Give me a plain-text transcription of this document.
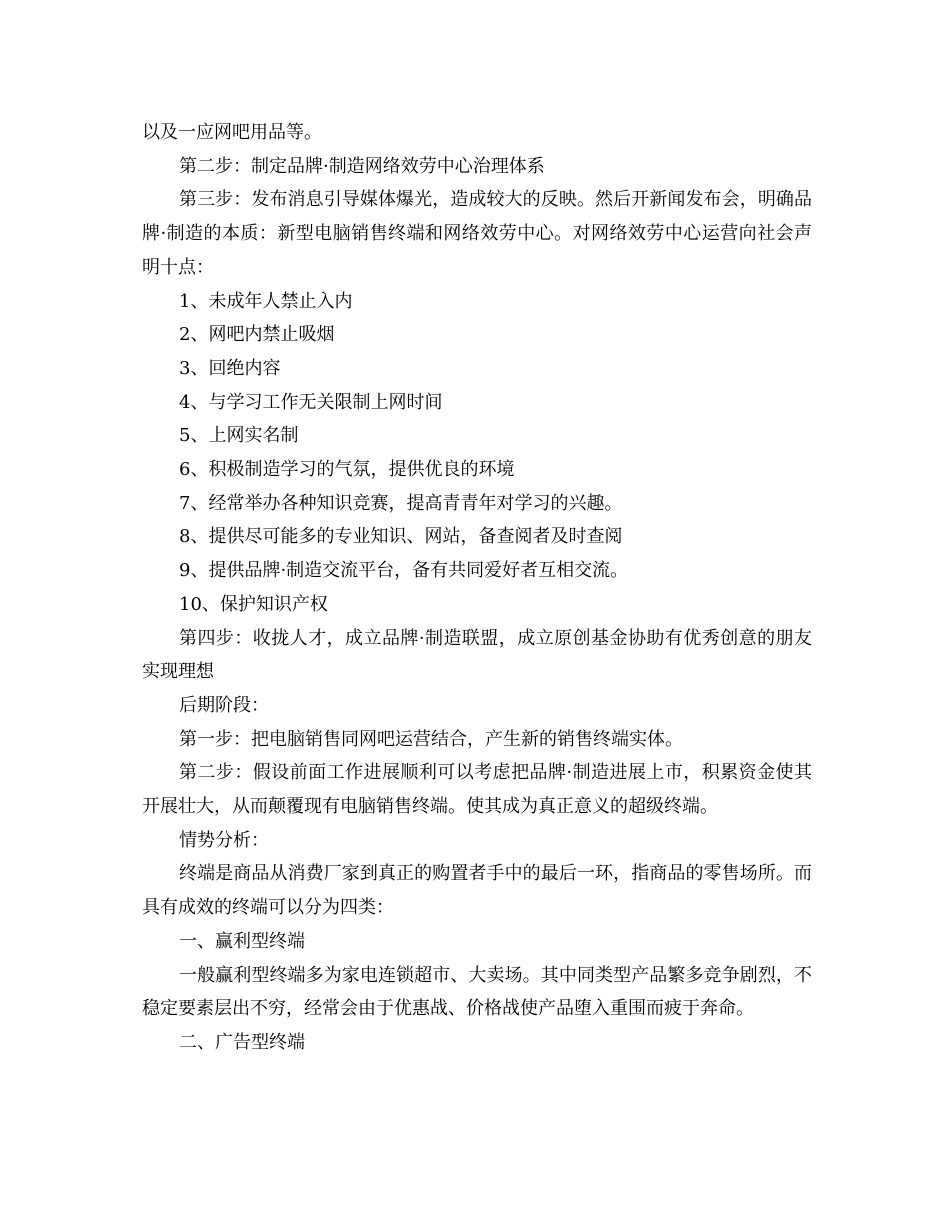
以及一应网吧用品等。

第二步：制定品牌·制造网络效劳中心治理体系

第三步：发布消息引导媒体爆光，造成较大的反映。然后开新闻发布会，明确品牌·制造的本质：新型电脑销售终端和网络效劳中心。对网络效劳中心运营向社会声明十点：

1、未成年人禁止入内

2、网吧内禁止吸烟

3、回绝内容

4、与学习工作无关限制上网时间

5、上网实名制

6、积极制造学习的气氛，提供优良的环境

7、经常举办各种知识竞赛，提高青青年对学习的兴趣。

8、提供尽可能多的专业知识、网站，备查阅者及时查阅

9、提供品牌·制造交流平台，备有共同爱好者互相交流。

10、保护知识产权

第四步：收拢人才，成立品牌·制造联盟，成立原创基金协助有优秀创意的朋友实现理想

后期阶段：

第一步：把电脑销售同网吧运营结合，产生新的销售终端实体。

第二步：假设前面工作进展顺利可以考虑把品牌·制造进展上市，积累资金使其开展壮大，从而颠覆现有电脑销售终端。使其成为真正意义的超级终端。

情势分析：

终端是商品从消费厂家到真正的购置者手中的最后一环，指商品的零售场所。而具有成效的终端可以分为四类：

一、赢利型终端

一般赢利型终端多为家电连锁超市、大卖场。其中同类型产品繁多竞争剧烈，不稳定要素层出不穷，经常会由于优惠战、价格战使产品堕入重围而疲于奔命。

二、广告型终端
